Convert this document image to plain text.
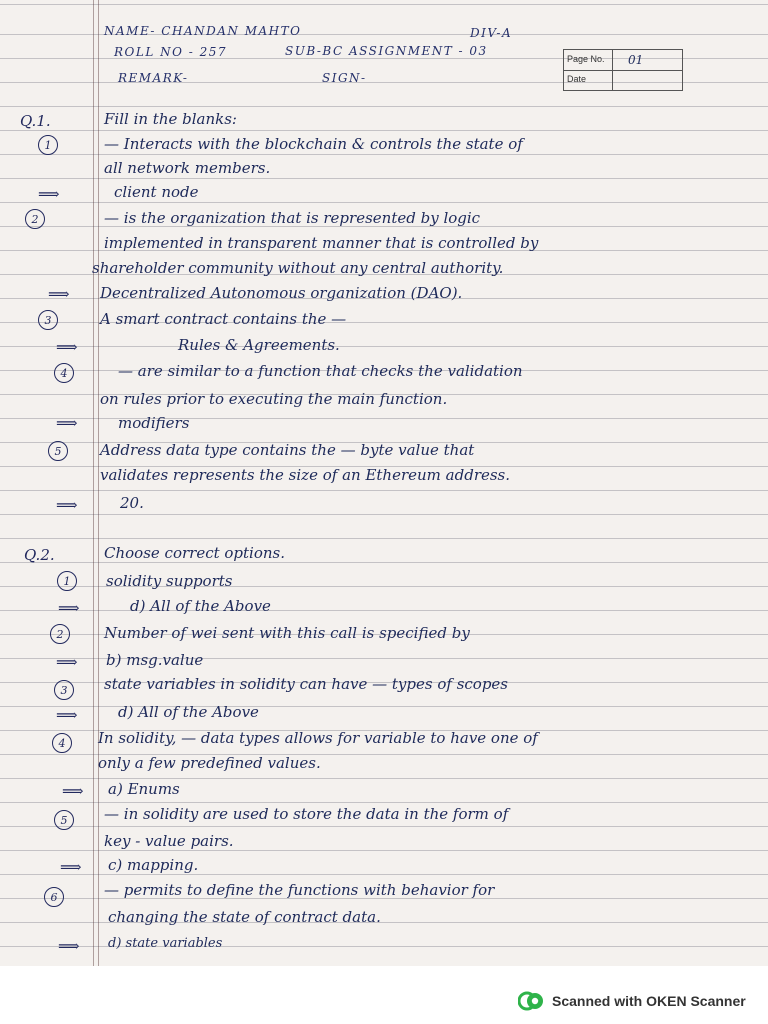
NAME- CHANDAN MAHTO	DIV-A
ROLL NO - 257	SUB-BC ASSIGNMENT - 03
REMARK-	SIGN-
Page No. 01
Date
Q.1.	Fill in the blanks:
1	— Interacts with the blockchain & controls the state of
all network members.
⟹	client node
2	— is the organization that is represented by logic
implemented in transparent manner that is controlled by
shareholder community without any central authority.
⟹ Decentralized Autonomous organization (DAO).
3	A smart contract contains the —
⟹	Rules & Agreements.
4	— are similar to a function that checks the validation
on rules prior to executing the main function.
⟹	modifiers
5	Address data type contains the — byte value that
validates represents the size of an Ethereum address.
⟹	20.
Q.2.	Choose correct options.
1	solidity supports
⟹	d) All of the Above
2	Number of wei sent with this call is specified by
⟹ b) msg.value
3	state variables in solidity can have — types of scopes
⟹	d) All of the Above
4	In solidity, — data types allows for variable to have one of
only a few predefined values.
⟹ a) Enums
5	— in solidity are used to store the data in the form of
key - value pairs.
⟹ c) mapping.
6	— permits to define the functions with behavior for
changing the state of contract data.
⟹ d) state variables
Scanned with OKEN Scanner
